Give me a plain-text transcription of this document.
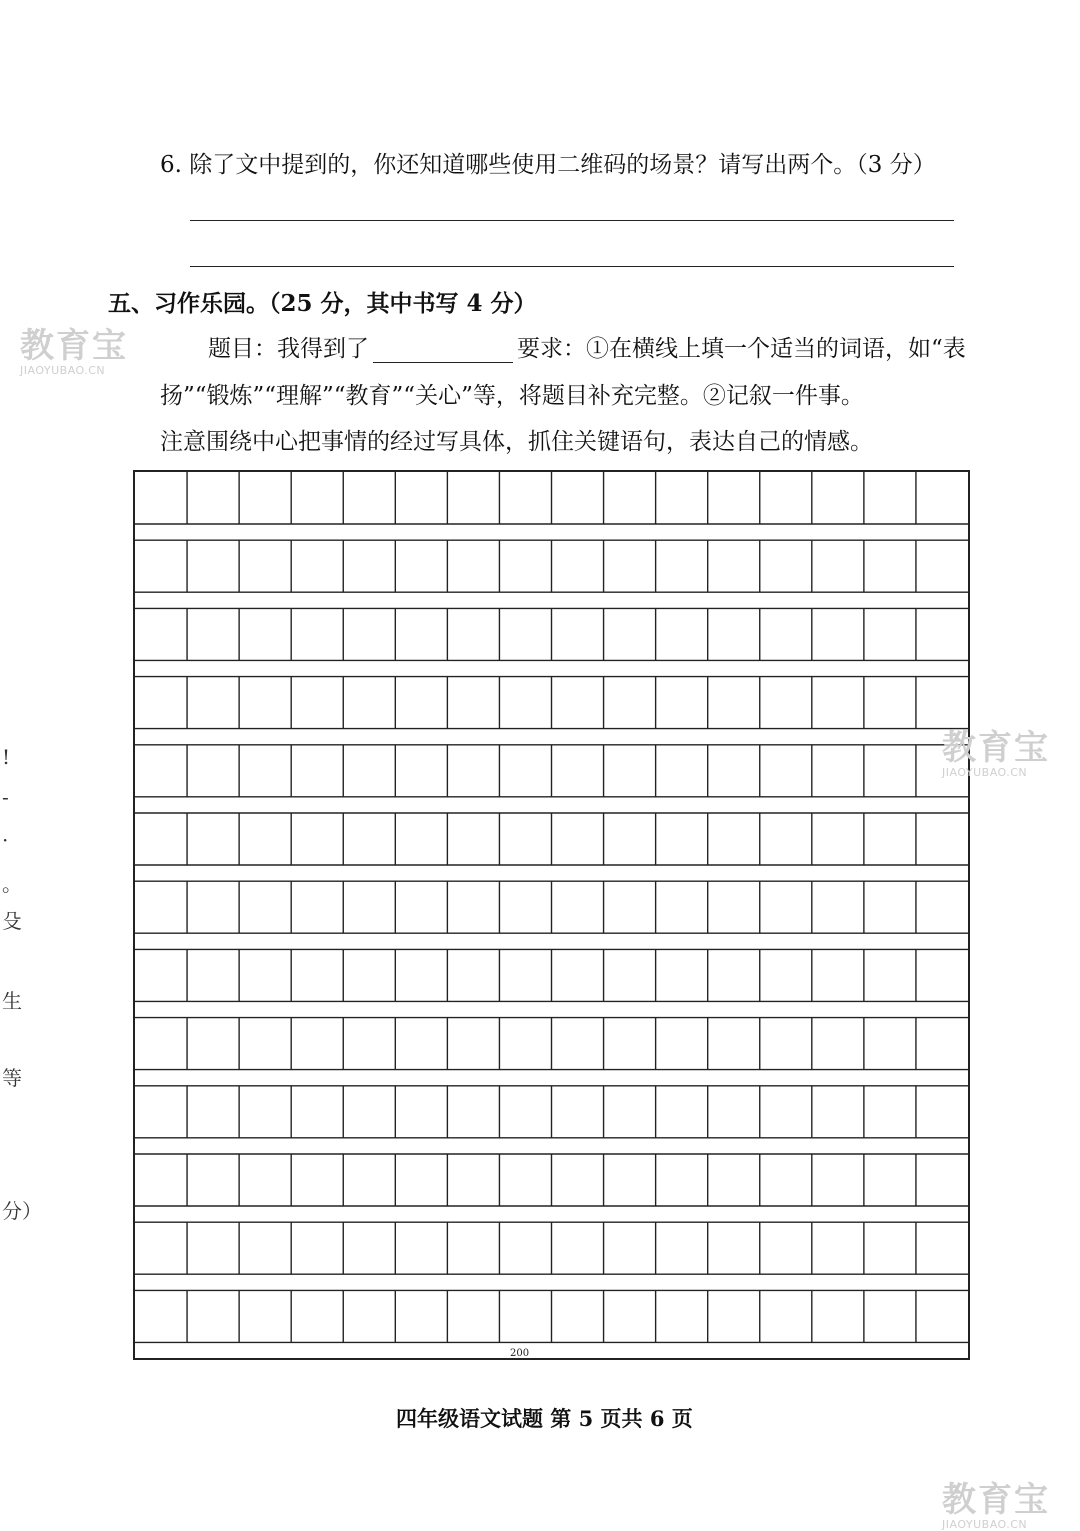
6. 除了文中提到的，你还知道哪些使用二维码的场景？请写出两个。（3 分）
五、习作乐园。（25 分，其中书写 4 分）
题目：我得到了	要求：①在横线上填一个适当的词语，如“表
扬”“锻炼”“理解”“教育”“关心”等，将题目补充完整。②记叙一件事。
注意围绕中心把事情的经过写具体，抓住关键语句，表达自己的情感。
200
!
-
·
。
殳
生
等
分）
四年级语文试题 第 5 页共 6 页
教育宝
JIAOYUBAO.CN
教育宝
JIAOYUBAO.CN
教育宝
JIAOYUBAO.CN
